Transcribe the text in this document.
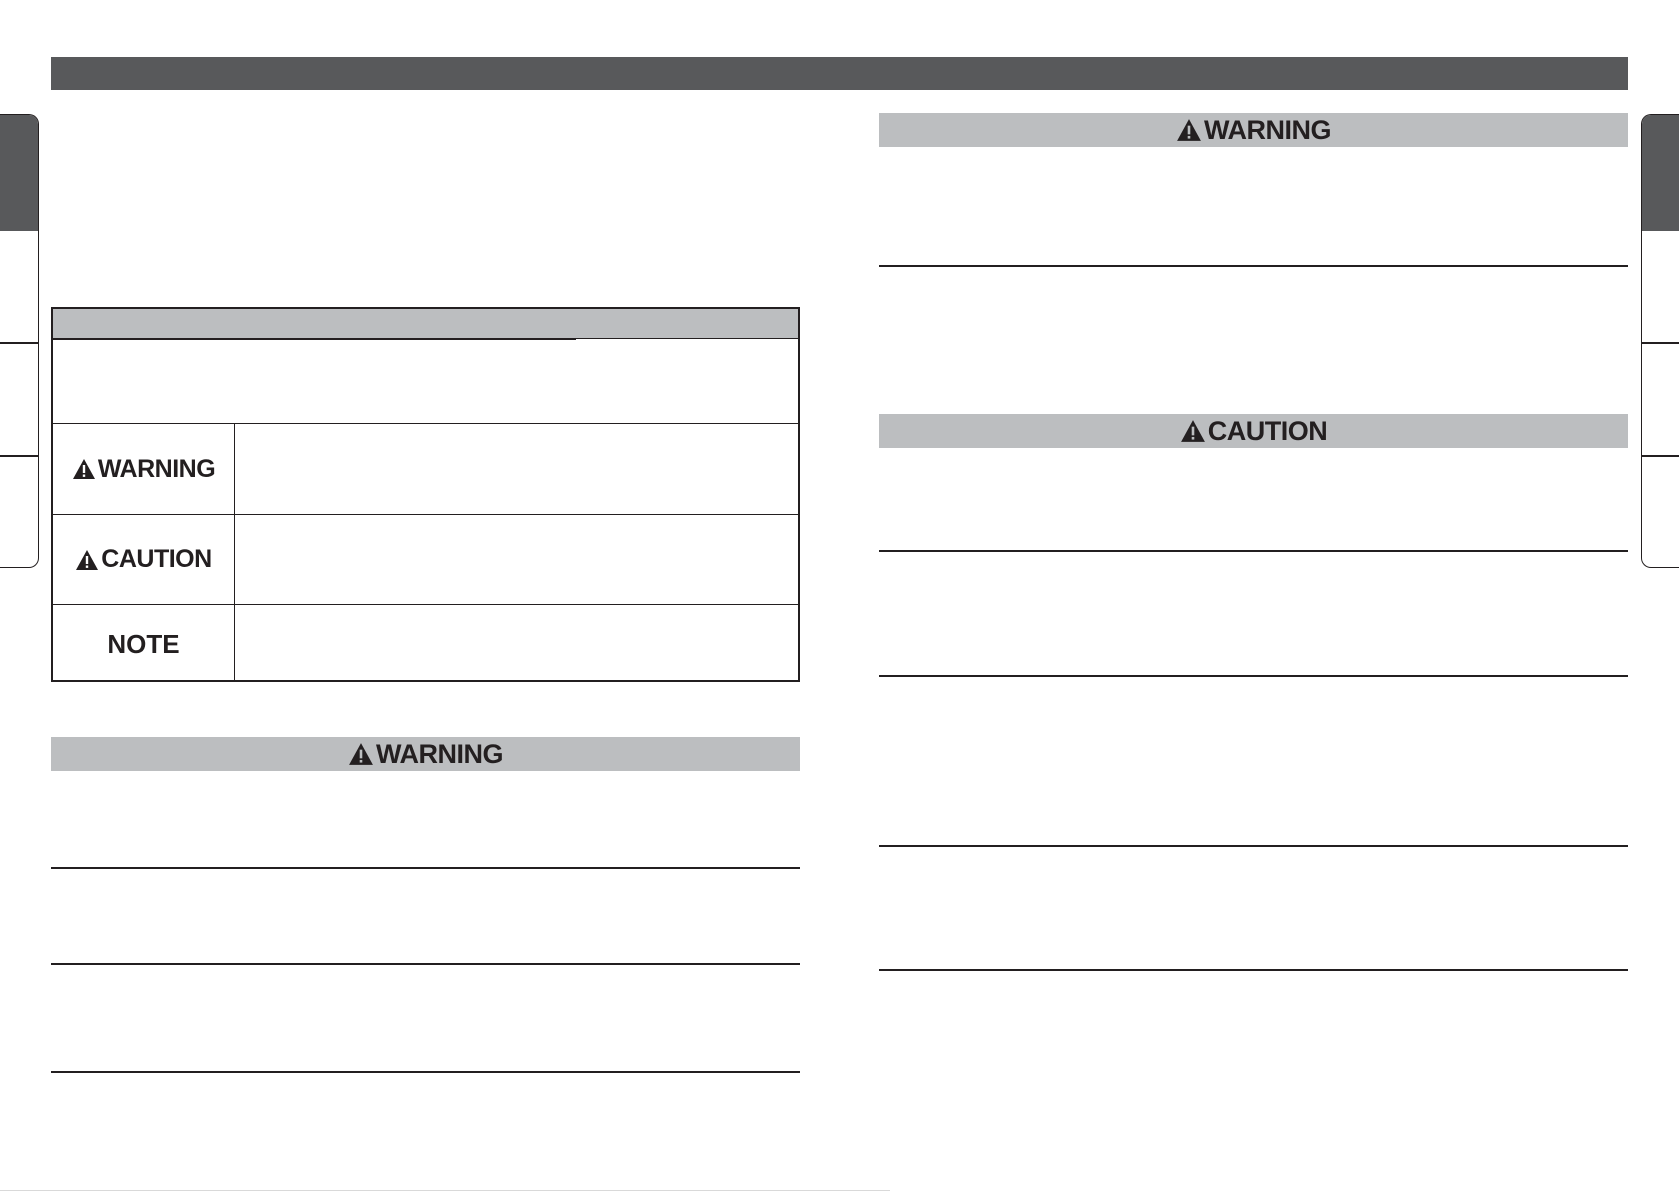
WARNING
CAUTION
NOTE
WARNING
WARNING
CAUTION
